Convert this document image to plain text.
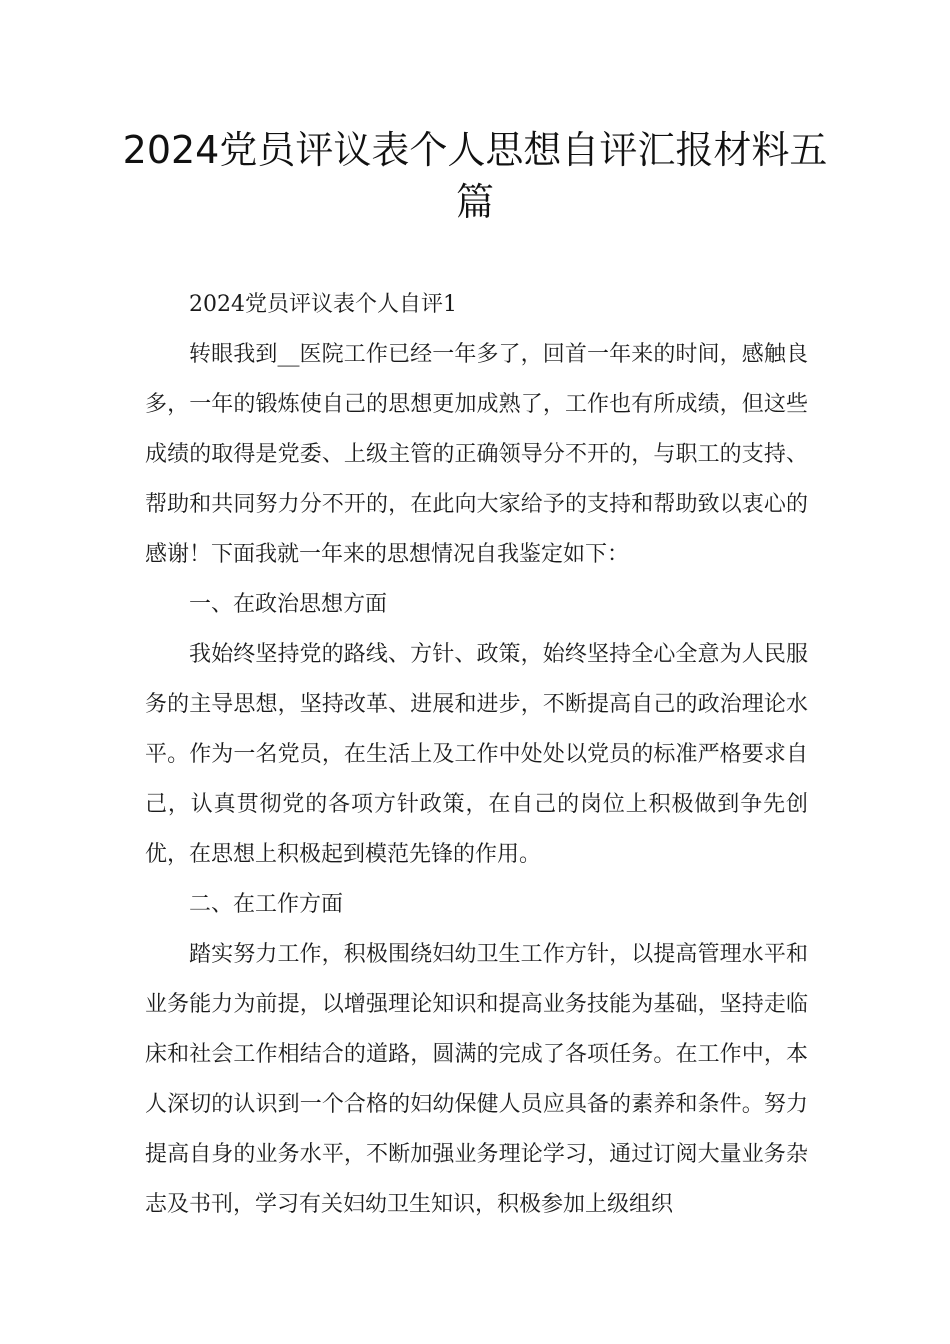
2024党员评议表个人思想自评汇报材料五篇

2024党员评议表个人自评1

转眼我到__医院工作已经一年多了，回首一年来的时间，感触良多，一年的锻炼使自己的思想更加成熟了，工作也有所成绩，但这些成绩的取得是党委、上级主管的正确领导分不开的，与职工的支持、帮助和共同努力分不开的，在此向大家给予的支持和帮助致以衷心的感谢！下面我就一年来的思想情况自我鉴定如下：

一、在政治思想方面

我始终坚持党的路线、方针、政策，始终坚持全心全意为人民服务的主导思想，坚持改革、进展和进步，不断提高自己的政治理论水平。作为一名党员，在生活上及工作中处处以党员的标准严格要求自己，认真贯彻党的各项方针政策，在自己的岗位上积极做到争先创优，在思想上积极起到模范先锋的作用。

二、在工作方面

踏实努力工作，积极围绕妇幼卫生工作方针，以提高管理水平和业务能力为前提，以增强理论知识和提高业务技能为基础，坚持走临床和社会工作相结合的道路，圆满的完成了各项任务。在工作中，本人深切的认识到一个合格的妇幼保健人员应具备的素养和条件。努力提高自身的业务水平，不断加强业务理论学习，通过订阅大量业务杂志及书刊，学习有关妇幼卫生知识，积极参加上级组织
